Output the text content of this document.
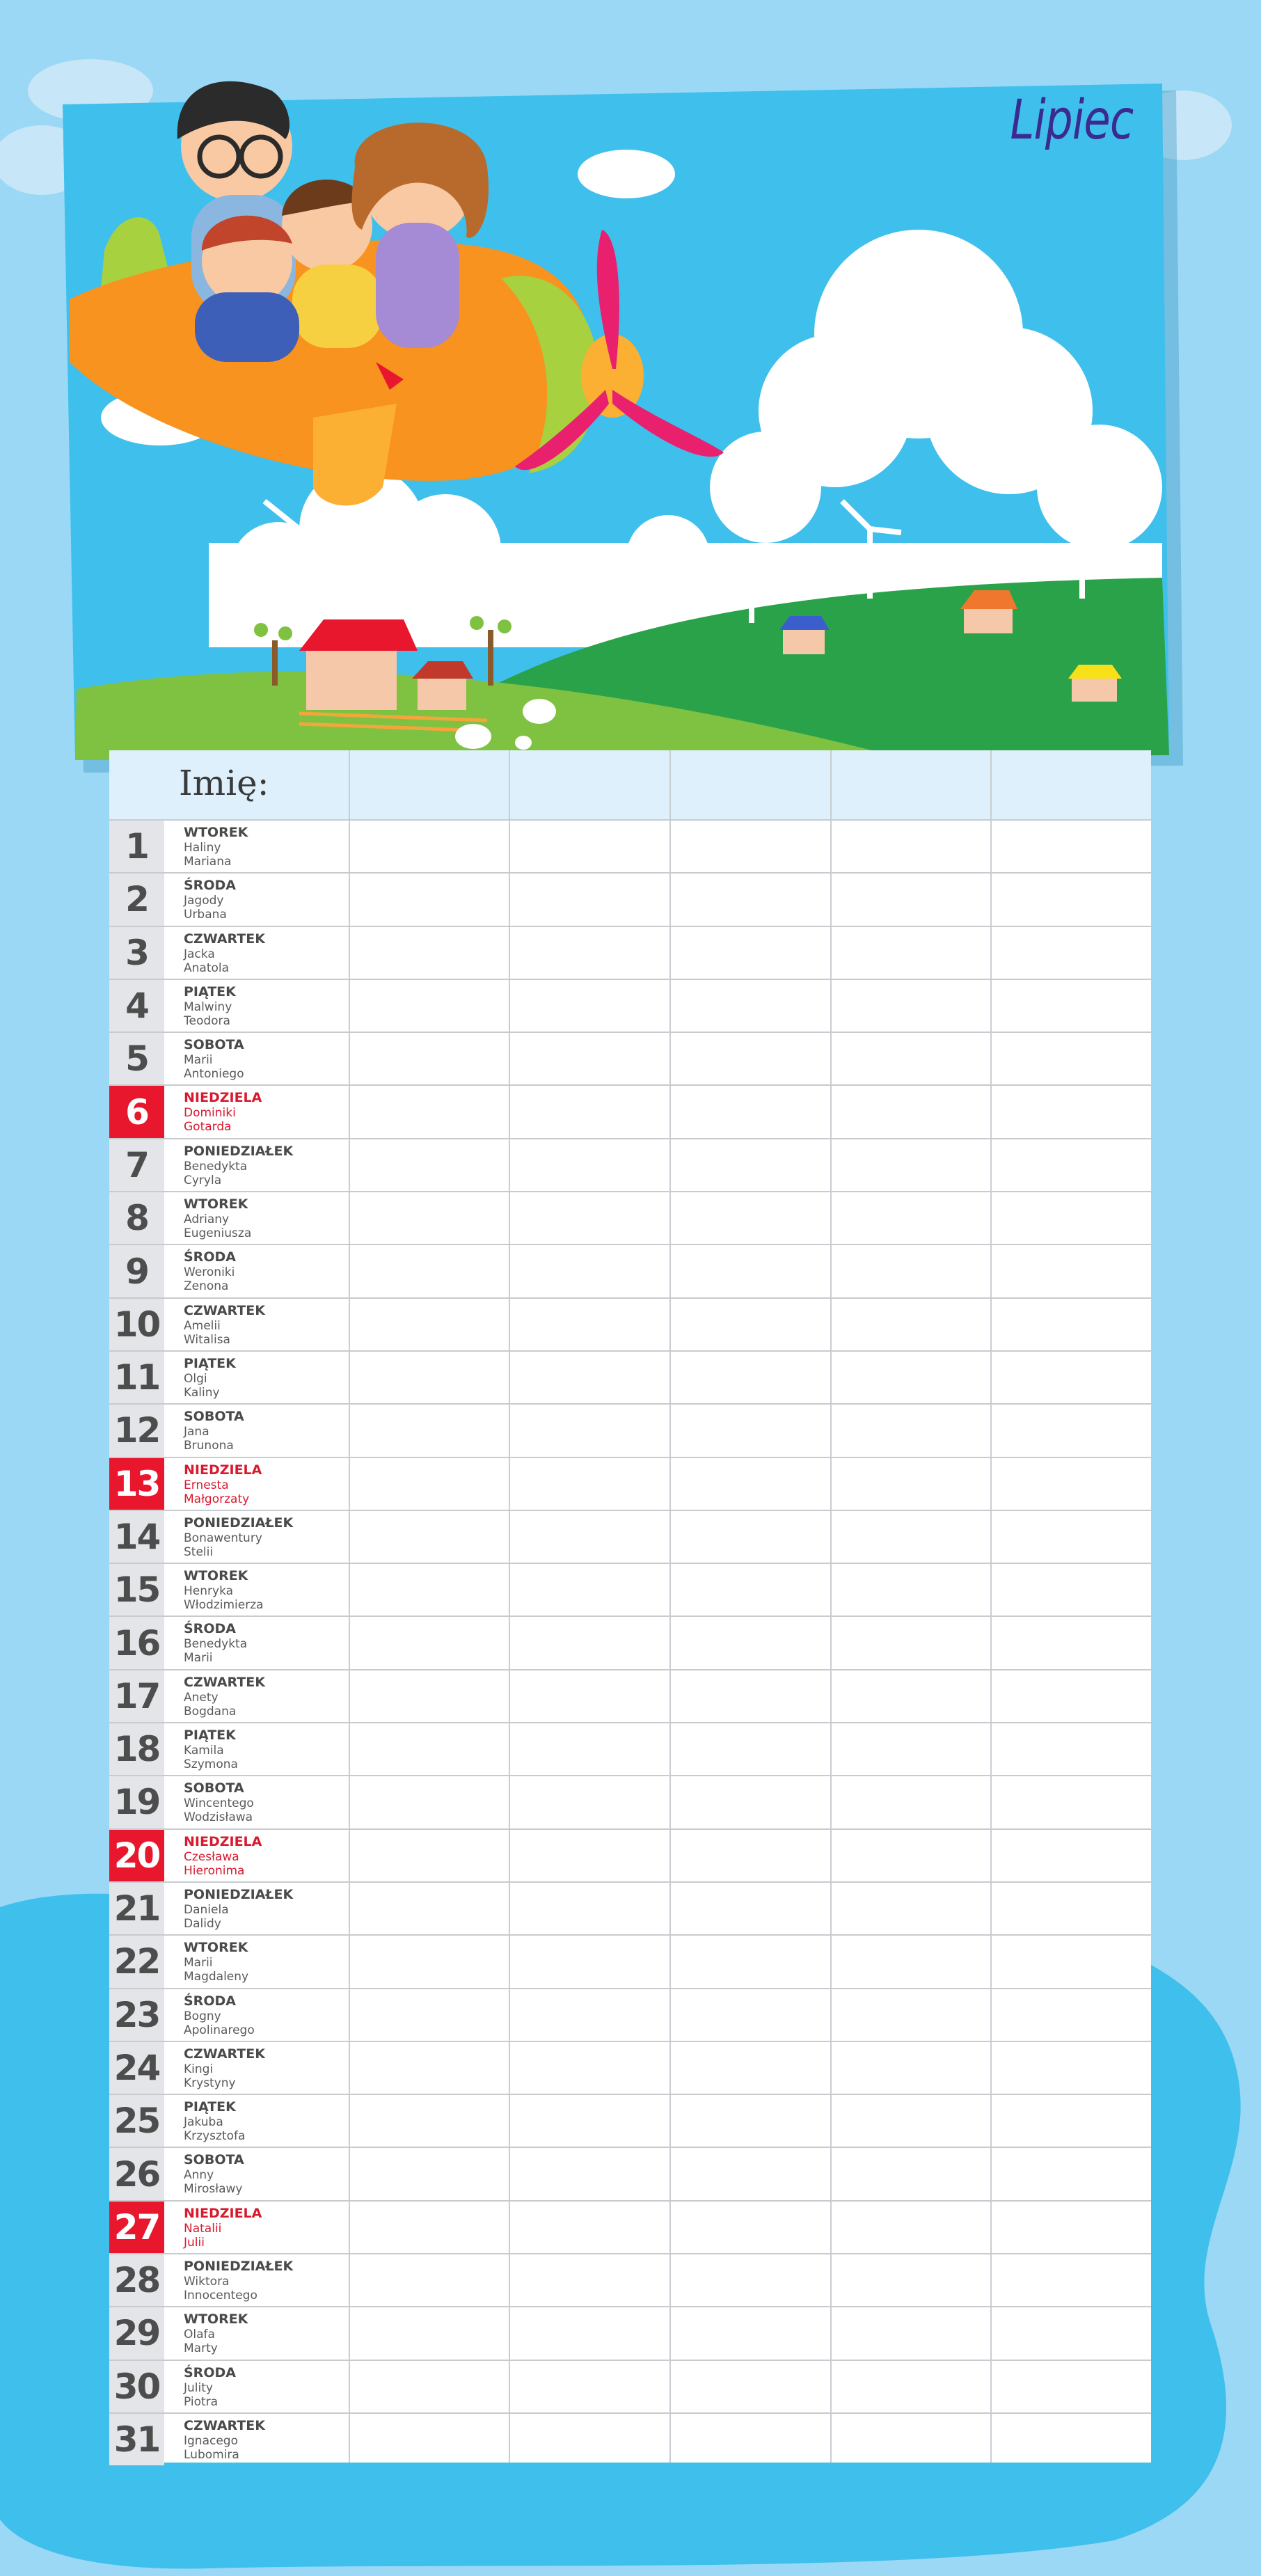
Lipiec
Imię:
1	WTOREK
Haliny
Mariana
2	ŚRODA
Jagody
Urbana
3	CZWARTEK
Jacka
Anatola
4	PIĄTEK
Malwiny
Teodora
5	SOBOTA
Marii
Antoniego
6	NIEDZIELA
Dominiki
Gotarda
7	PONIEDZIAŁEK
Benedykta
Cyryla
8	WTOREK
Adriany
Eugeniusza
9	ŚRODA
Weroniki
Zenona
10	CZWARTEK
Amelii
Witalisa
11	PIĄTEK
Olgi
Kaliny
12	SOBOTA
Jana
Brunona
13	NIEDZIELA
Ernesta
Małgorzaty
14	PONIEDZIAŁEK
Bonawentury
Stelii
15	WTOREK
Henryka
Włodzimierza
16	ŚRODA
Benedykta
Marii
17	CZWARTEK
Anety
Bogdana
18	PIĄTEK
Kamila
Szymona
19	SOBOTA
Wincentego
Wodzisława
20	NIEDZIELA
Czesława
Hieronima
21	PONIEDZIAŁEK
Daniela
Dalidy
22	WTOREK
Marii
Magdaleny
23	ŚRODA
Bogny
Apolinarego
24	CZWARTEK
Kingi
Krystyny
25	PIĄTEK
Jakuba
Krzysztofa
26	SOBOTA
Anny
Mirosławy
27	NIEDZIELA
Natalii
Julii
28	PONIEDZIAŁEK
Wiktora
Innocentego
29	WTOREK
Olafa
Marty
30	ŚRODA
Julity
Piotra
31	CZWARTEK
Ignacego
Lubomira
